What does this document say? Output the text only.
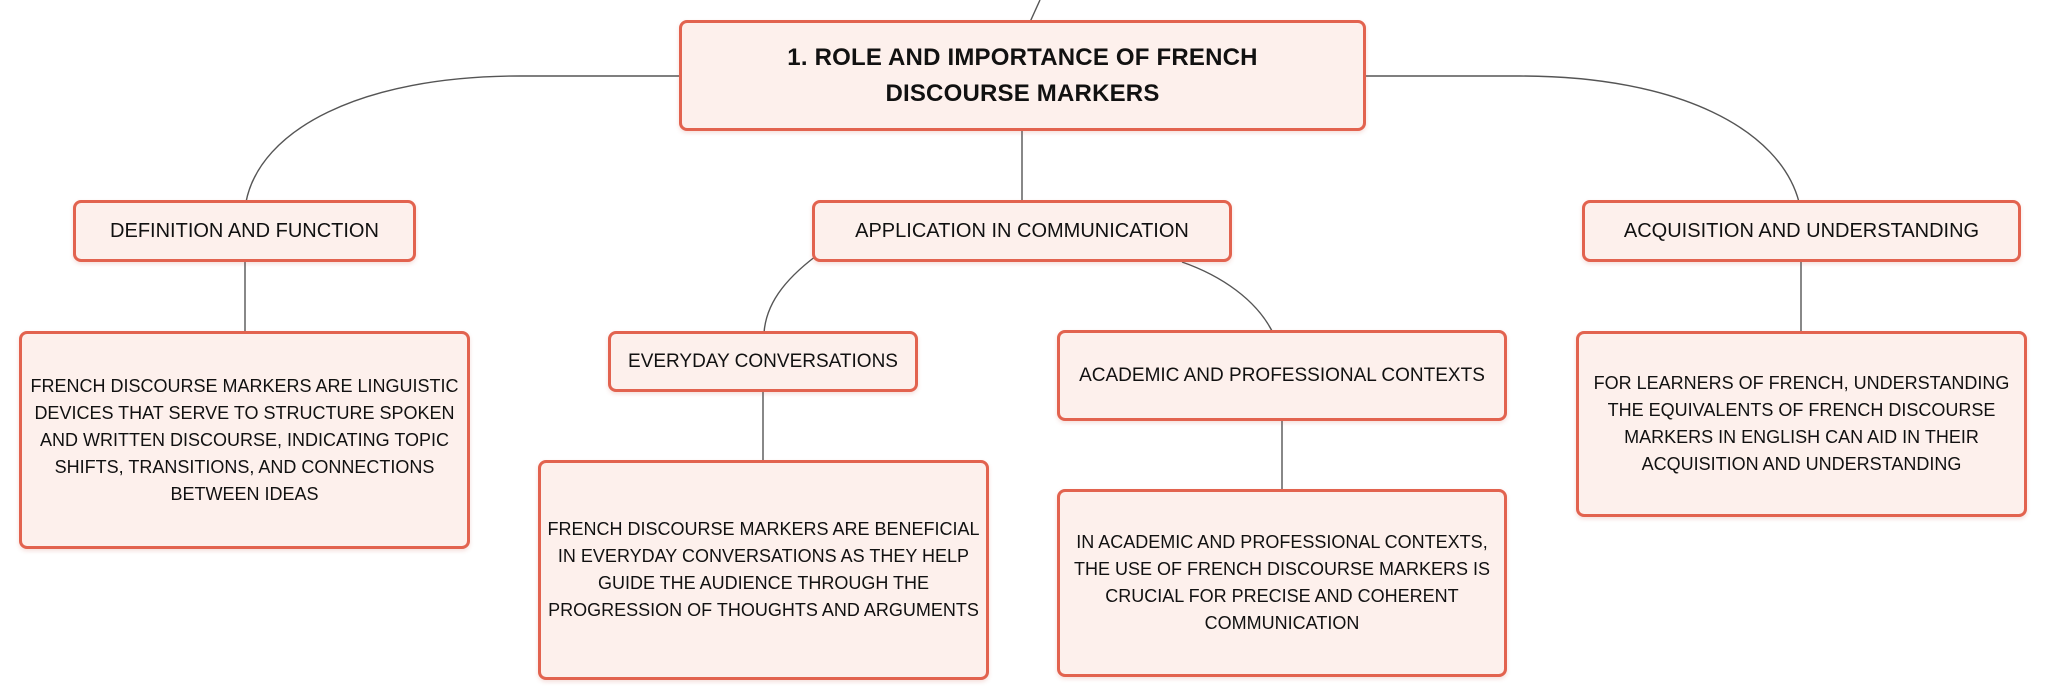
1. ROLE AND IMPORTANCE OF FRENCH DISCOURSE MARKERS
DEFINITION AND FUNCTION	APPLICATION IN COMMUNICATION	ACQUISITION AND UNDERSTANDING
FRENCH DISCOURSE MARKERS ARE LINGUISTIC DEVICES THAT SERVE TO STRUCTURE SPOKEN AND WRITTEN DISCOURSE, INDICATING TOPIC SHIFTS, TRANSITIONS, AND CONNECTIONS BETWEEN IDEAS
EVERYDAY CONVERSATIONS
ACADEMIC AND PROFESSIONAL CONTEXTS
FRENCH DISCOURSE MARKERS ARE BENEFICIAL IN EVERYDAY CONVERSATIONS AS THEY HELP GUIDE THE AUDIENCE THROUGH THE PROGRESSION OF THOUGHTS AND ARGUMENTS
IN ACADEMIC AND PROFESSIONAL CONTEXTS, THE USE OF FRENCH DISCOURSE MARKERS IS CRUCIAL FOR PRECISE AND COHERENT COMMUNICATION
FOR LEARNERS OF FRENCH, UNDERSTANDING THE EQUIVALENTS OF FRENCH DISCOURSE MARKERS IN ENGLISH CAN AID IN THEIR ACQUISITION AND UNDERSTANDING
